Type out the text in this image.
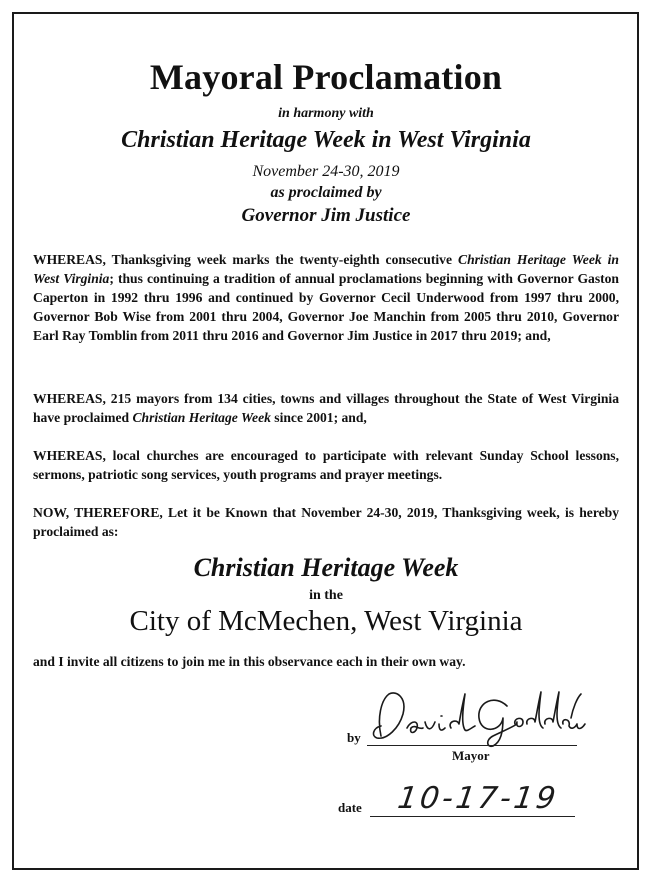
Mayoral Proclamation
in harmony with
Christian Heritage Week in West Virginia
November 24-30, 2019
as proclaimed by
Governor Jim Justice
WHEREAS, Thanksgiving week marks the twenty-eighth consecutive Christian Heritage Week in West Virginia; thus continuing a tradition of annual proclamations beginning with Governor Gaston Caperton in 1992 thru 1996 and continued by Governor Cecil Underwood from 1997 thru 2000, Governor Bob Wise from 2001 thru 2004, Governor Joe Manchin from 2005 thru 2010, Governor Earl Ray Tomblin from 2011 thru 2016 and Governor Jim Justice in 2017 thru 2019; and,
WHEREAS, 215 mayors from 134 cities, towns and villages throughout the State of West Virginia have proclaimed Christian Heritage Week since 2001; and,
WHEREAS, local churches are encouraged to participate with relevant Sunday School lessons, sermons, patriotic song services, youth programs and prayer meetings.
NOW, THEREFORE, Let it be Known that November 24-30, 2019, Thanksgiving week, is hereby proclaimed as:
Christian Heritage Week
in the
City of McMechen, West Virginia
and I invite all citizens to join me in this observance each in their own way.
by
Mayor
date 10-17-19
